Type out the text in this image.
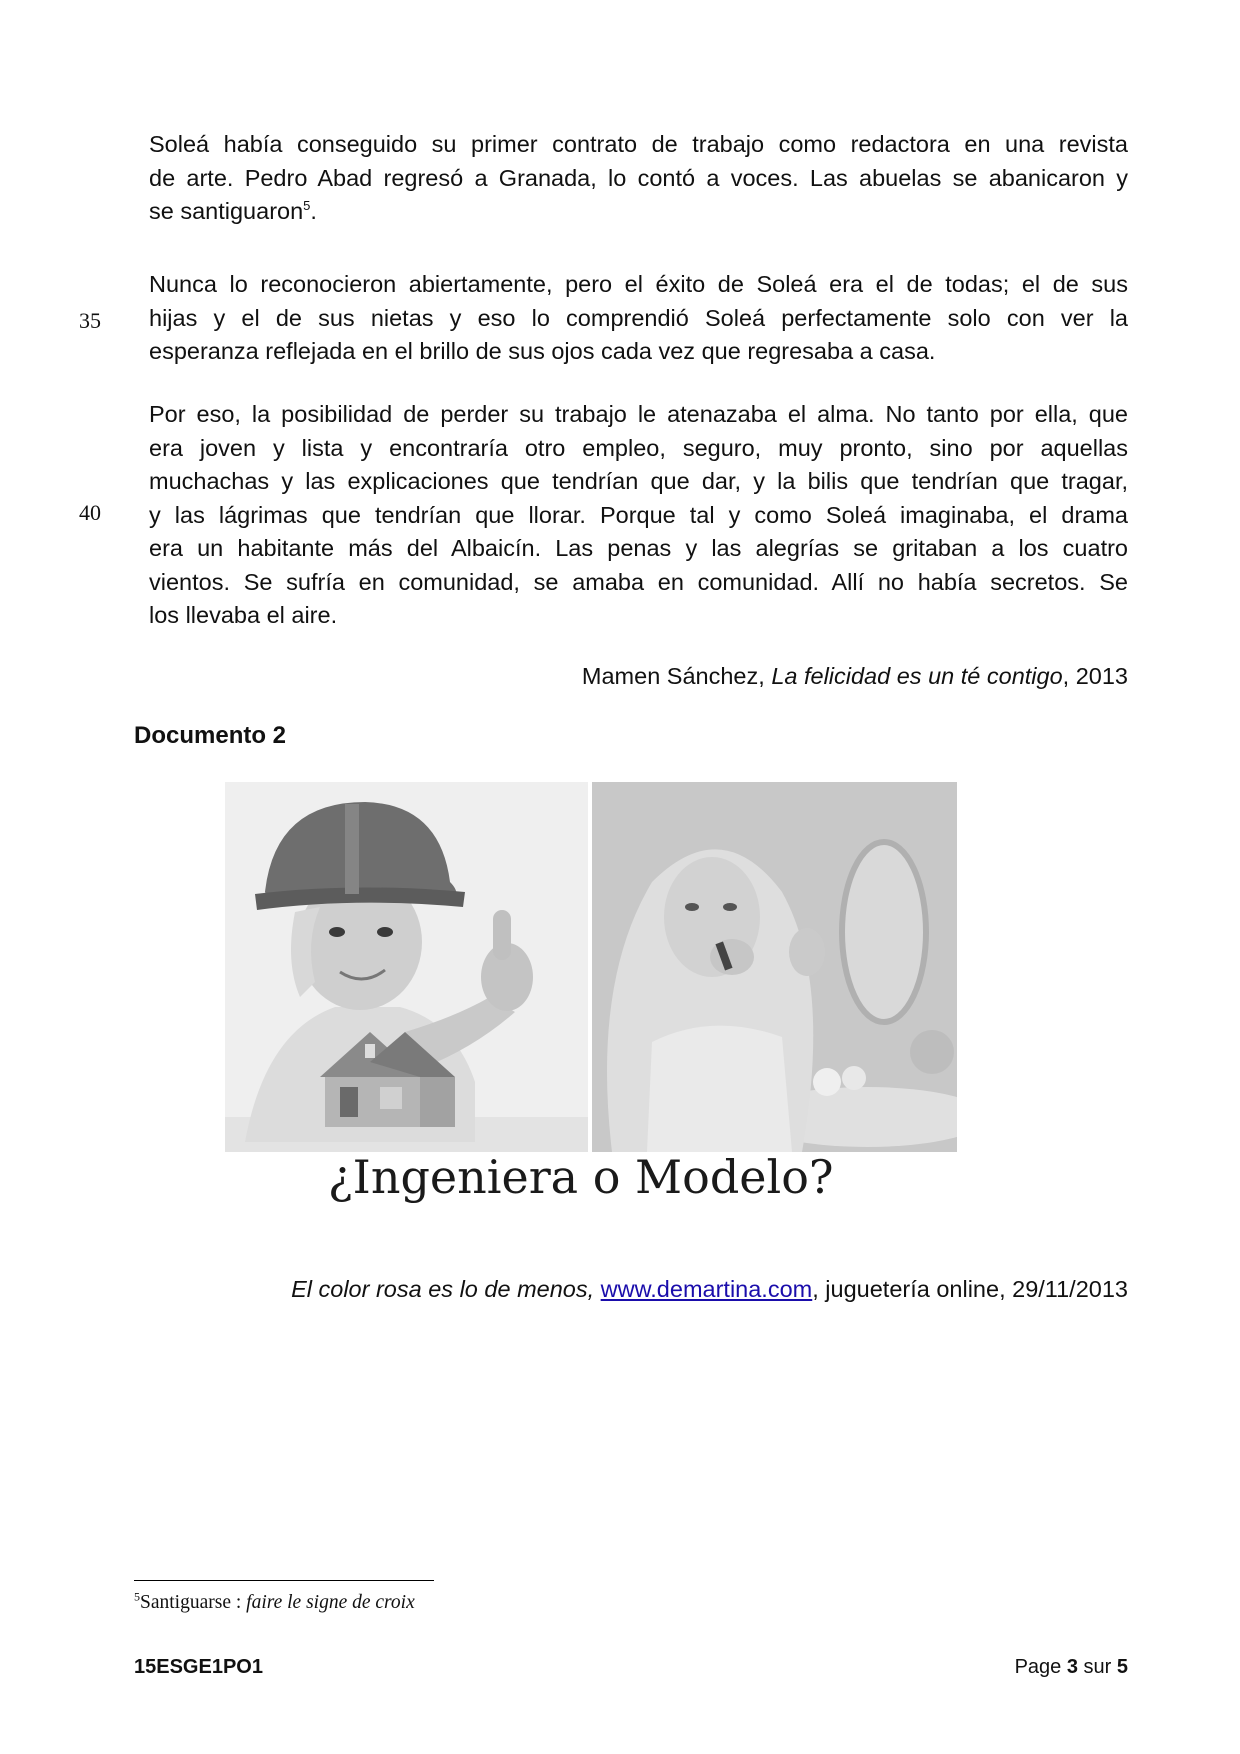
Soleá había conseguido su primer contrato de trabajo como redactora en una revista
de arte. Pedro Abad regresó a Granada, lo contó a voces. Las abuelas se abanicaron y
se santiguaron$^5$.
Nunca lo reconocieron abiertamente, pero el éxito de Soleá era el de todas; el de sus
hijas y el de sus nietas y eso lo comprendió Soleá perfectamente solo con ver la
esperanza reflejada en el brillo de sus ojos cada vez que regresaba a casa.
35
Por eso, la posibilidad de perder su trabajo le atenazaba el alma. No tanto por ella, que
era joven y lista y encontraría otro empleo, seguro, muy pronto, sino por aquellas
muchachas y las explicaciones que tendrían que dar, y la bilis que tendrían que tragar,
y las lágrimas que tendrían que llorar. Porque tal y como Soleá imaginaba, el drama
era un habitante más del Albaicín. Las penas y las alegrías se gritaban a los cuatro
vientos. Se sufría en comunidad, se amaba en comunidad. Allí no había secretos. Se
los llevaba el aire.
40
Mamen Sánchez, La felicidad es un té contigo, 2013
Documento 2
¿Ingeniera o Modelo?
El color rosa es lo de menos, www.demartina.com, juguetería online, 29/11/2013
$^5$Santiguarse : faire le signe de croix
15ESGE1PO1	Page 3 sur 5
